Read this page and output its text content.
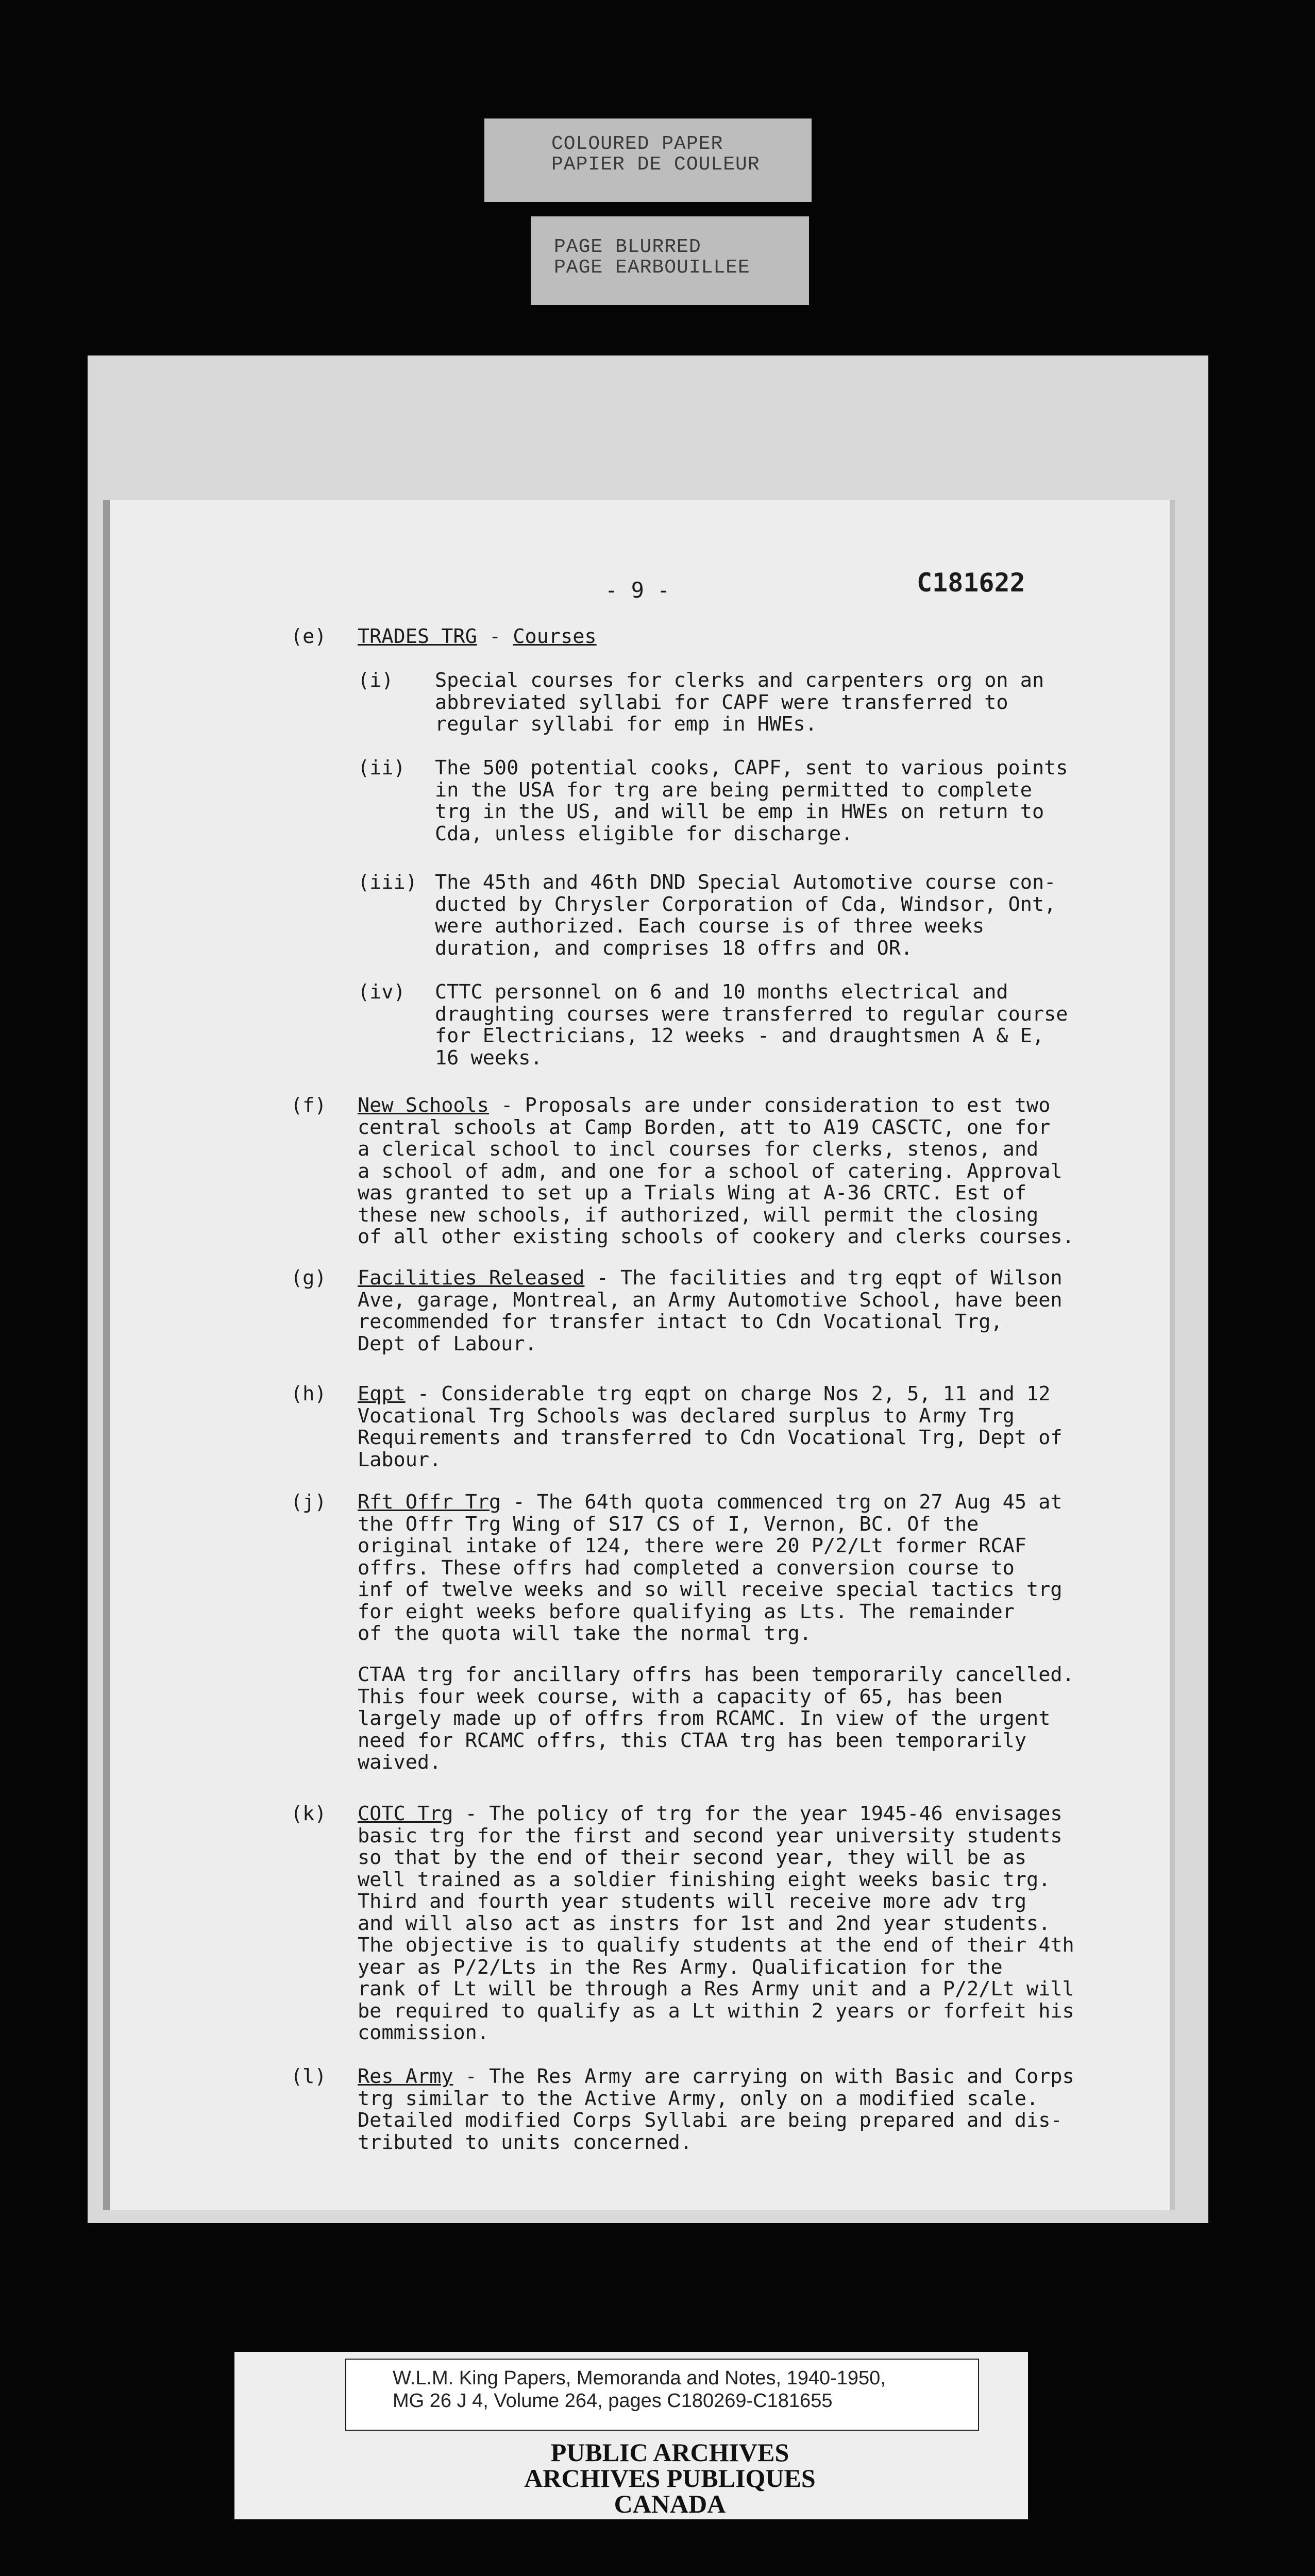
COLOURED PAPER
PAPIER DE COULEUR
PAGE BLURRED
PAGE EARBOUILLEE
- 9 -	C181622
(e) TRADES TRG - Courses
(i) Special courses for clerks and carpenters org on an
abbreviated syllabi for CAPF were transferred to
regular syllabi for emp in HWEs.
(ii) The 500 potential cooks, CAPF, sent to various points
in the USA for trg are being permitted to complete
trg in the US, and will be emp in HWEs on return to
Cda, unless eligible for discharge.
(iii) The 45th and 46th DND Special Automotive course con-
ducted by Chrysler Corporation of Cda, Windsor, Ont,
were authorized. Each course is of three weeks
duration, and comprises 18 offrs and OR.
(iv) CTTC personnel on 6 and 10 months electrical and
draughting courses were transferred to regular course
for Electricians, 12 weeks - and draughtsmen A & E,
16 weeks.
(f) New Schools - Proposals are under consideration to est two
central schools at Camp Borden, att to A19 CASCTC, one for
a clerical school to incl courses for clerks, stenos, and
a school of adm, and one for a school of catering. Approval
was granted to set up a Trials Wing at A-36 CRTC. Est of
these new schools, if authorized, will permit the closing
of all other existing schools of cookery and clerks courses.
(g) Facilities Released - The facilities and trg eqpt of Wilson
Ave, garage, Montreal, an Army Automotive School, have been
recommended for transfer intact to Cdn Vocational Trg,
Dept of Labour.
(h) Eqpt - Considerable trg eqpt on charge Nos 2, 5, 11 and 12
Vocational Trg Schools was declared surplus to Army Trg
Requirements and transferred to Cdn Vocational Trg, Dept of
Labour.
(j) Rft Offr Trg - The 64th quota commenced trg on 27 Aug 45 at
the Offr Trg Wing of S17 CS of I, Vernon, BC. Of the
original intake of 124, there were 20 P/2/Lt former RCAF
offrs. These offrs had completed a conversion course to
inf of twelve weeks and so will receive special tactics trg
for eight weeks before qualifying as Lts. The remainder
of the quota will take the normal trg.
CTAA trg for ancillary offrs has been temporarily cancelled.
This four week course, with a capacity of 65, has been
largely made up of offrs from RCAMC. In view of the urgent
need for RCAMC offrs, this CTAA trg has been temporarily
waived.
(k) COTC Trg - The policy of trg for the year 1945-46 envisages
basic trg for the first and second year university students
so that by the end of their second year, they will be as
well trained as a soldier finishing eight weeks basic trg.
Third and fourth year students will receive more adv trg
and will also act as instrs for 1st and 2nd year students.
The objective is to qualify students at the end of their 4th
year as P/2/Lts in the Res Army. Qualification for the
rank of Lt will be through a Res Army unit and a P/2/Lt will
be required to qualify as a Lt within 2 years or forfeit his
commission.
(l) Res Army - The Res Army are carrying on with Basic and Corps
trg similar to the Active Army, only on a modified scale.
Detailed modified Corps Syllabi are being prepared and dis-
tributed to units concerned.
W.L.M. King Papers, Memoranda and Notes, 1940-1950,
MG 26 J 4, Volume 264, pages C180269-C181655
PUBLIC ARCHIVES
ARCHIVES PUBLIQUES
CANADA
